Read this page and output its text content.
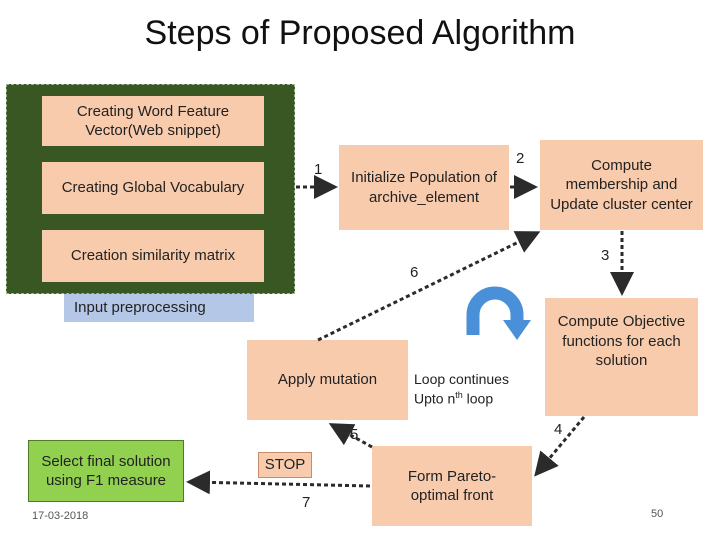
Steps of Proposed Algorithm
Creating Word Feature Vector(Web snippet)
Creating Global Vocabulary
Creation similarity matrix
Input preprocessing
Initialize Population of archive_element
Compute membership and Update cluster center
Compute Objective functions for each solution
Form Pareto-optimal front
Apply mutation
STOP
Select final solution using F1 measure
Loop continues
Upto $n^{th}$ loop
1
2
3
4
5
6
7
17-03-2018	50
